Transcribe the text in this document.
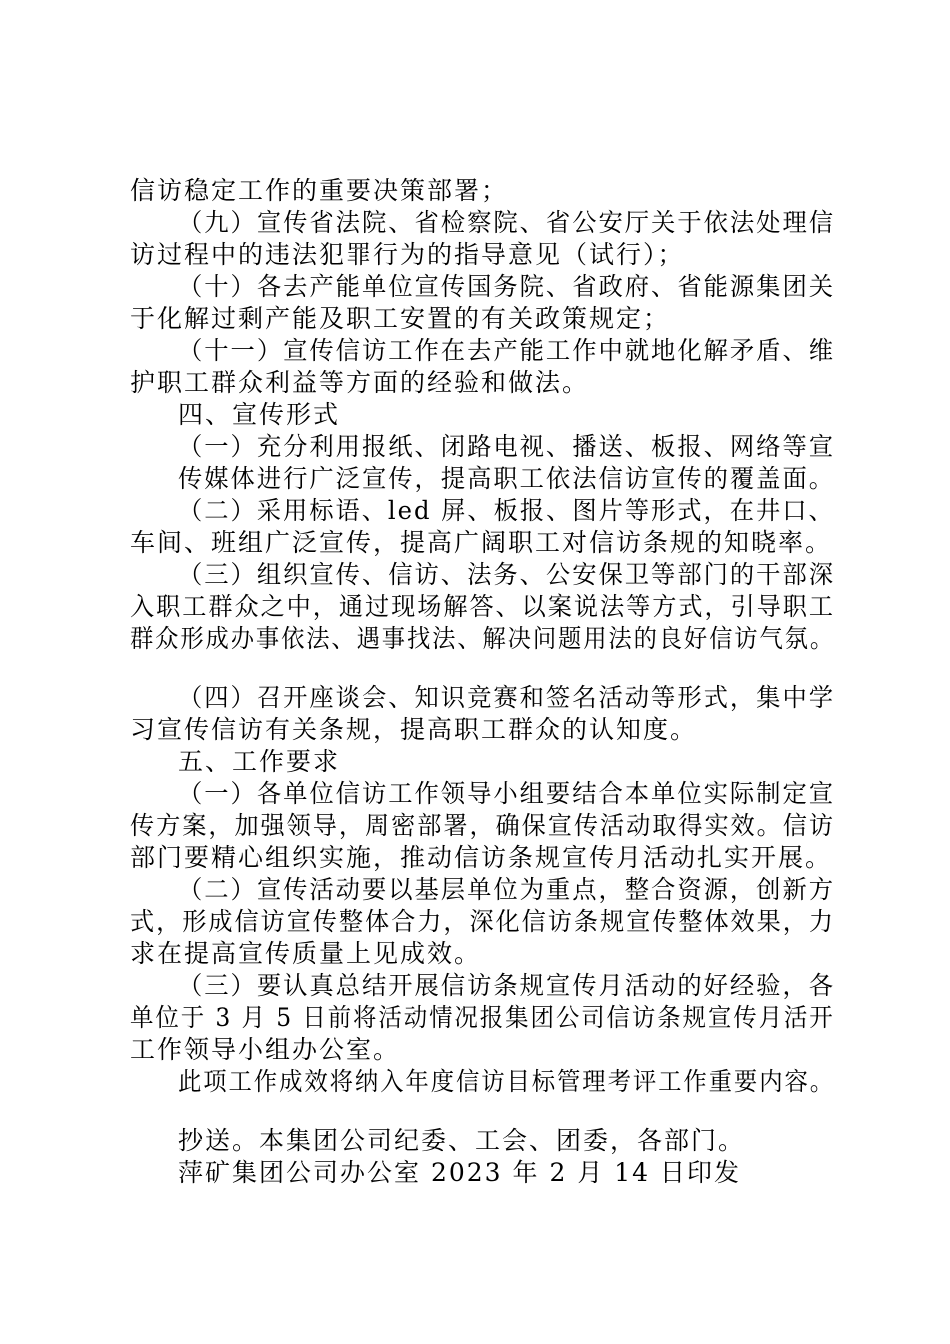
信访稳定工作的重要决策部署；
（九）宣传省法院、省检察院、省公安厅关于依法处理信
访过程中的违法犯罪行为的指导意见（试行）；
（十）各去产能单位宣传国务院、省政府、省能源集团关
于化解过剩产能及职工安置的有关政策规定；
（十一）宣传信访工作在去产能工作中就地化解矛盾、维
护职工群众利益等方面的经验和做法。
四、宣传形式
（一）充分利用报纸、闭路电视、播送、板报、网络等宣
传媒体进行广泛宣传，提高职工依法信访宣传的覆盖面。
（二）采用标语、led 屏、板报、图片等形式，在井口、
车间、班组广泛宣传，提高广阔职工对信访条规的知晓率。
（三）组织宣传、信访、法务、公安保卫等部门的干部深
入职工群众之中，通过现场解答、以案说法等方式，引导职工
群众形成办事依法、遇事找法、解决问题用法的良好信访气氛。
（四）召开座谈会、知识竞赛和签名活动等形式，集中学
习宣传信访有关条规，提高职工群众的认知度。
五、工作要求
（一）各单位信访工作领导小组要结合本单位实际制定宣
传方案，加强领导，周密部署，确保宣传活动取得实效。信访
部门要精心组织实施，推动信访条规宣传月活动扎实开展。
（二）宣传活动要以基层单位为重点，整合资源，创新方
式，形成信访宣传整体合力，深化信访条规宣传整体效果，力
求在提高宣传质量上见成效。
（三）要认真总结开展信访条规宣传月活动的好经验，各
单位于 3 月 5 日前将活动情况报集团公司信访条规宣传月活开
工作领导小组办公室。
此项工作成效将纳入年度信访目标管理考评工作重要内容。
抄送。本集团公司纪委、工会、团委，各部门。
萍矿集团公司办公室 2023 年 2 月 14 日印发
